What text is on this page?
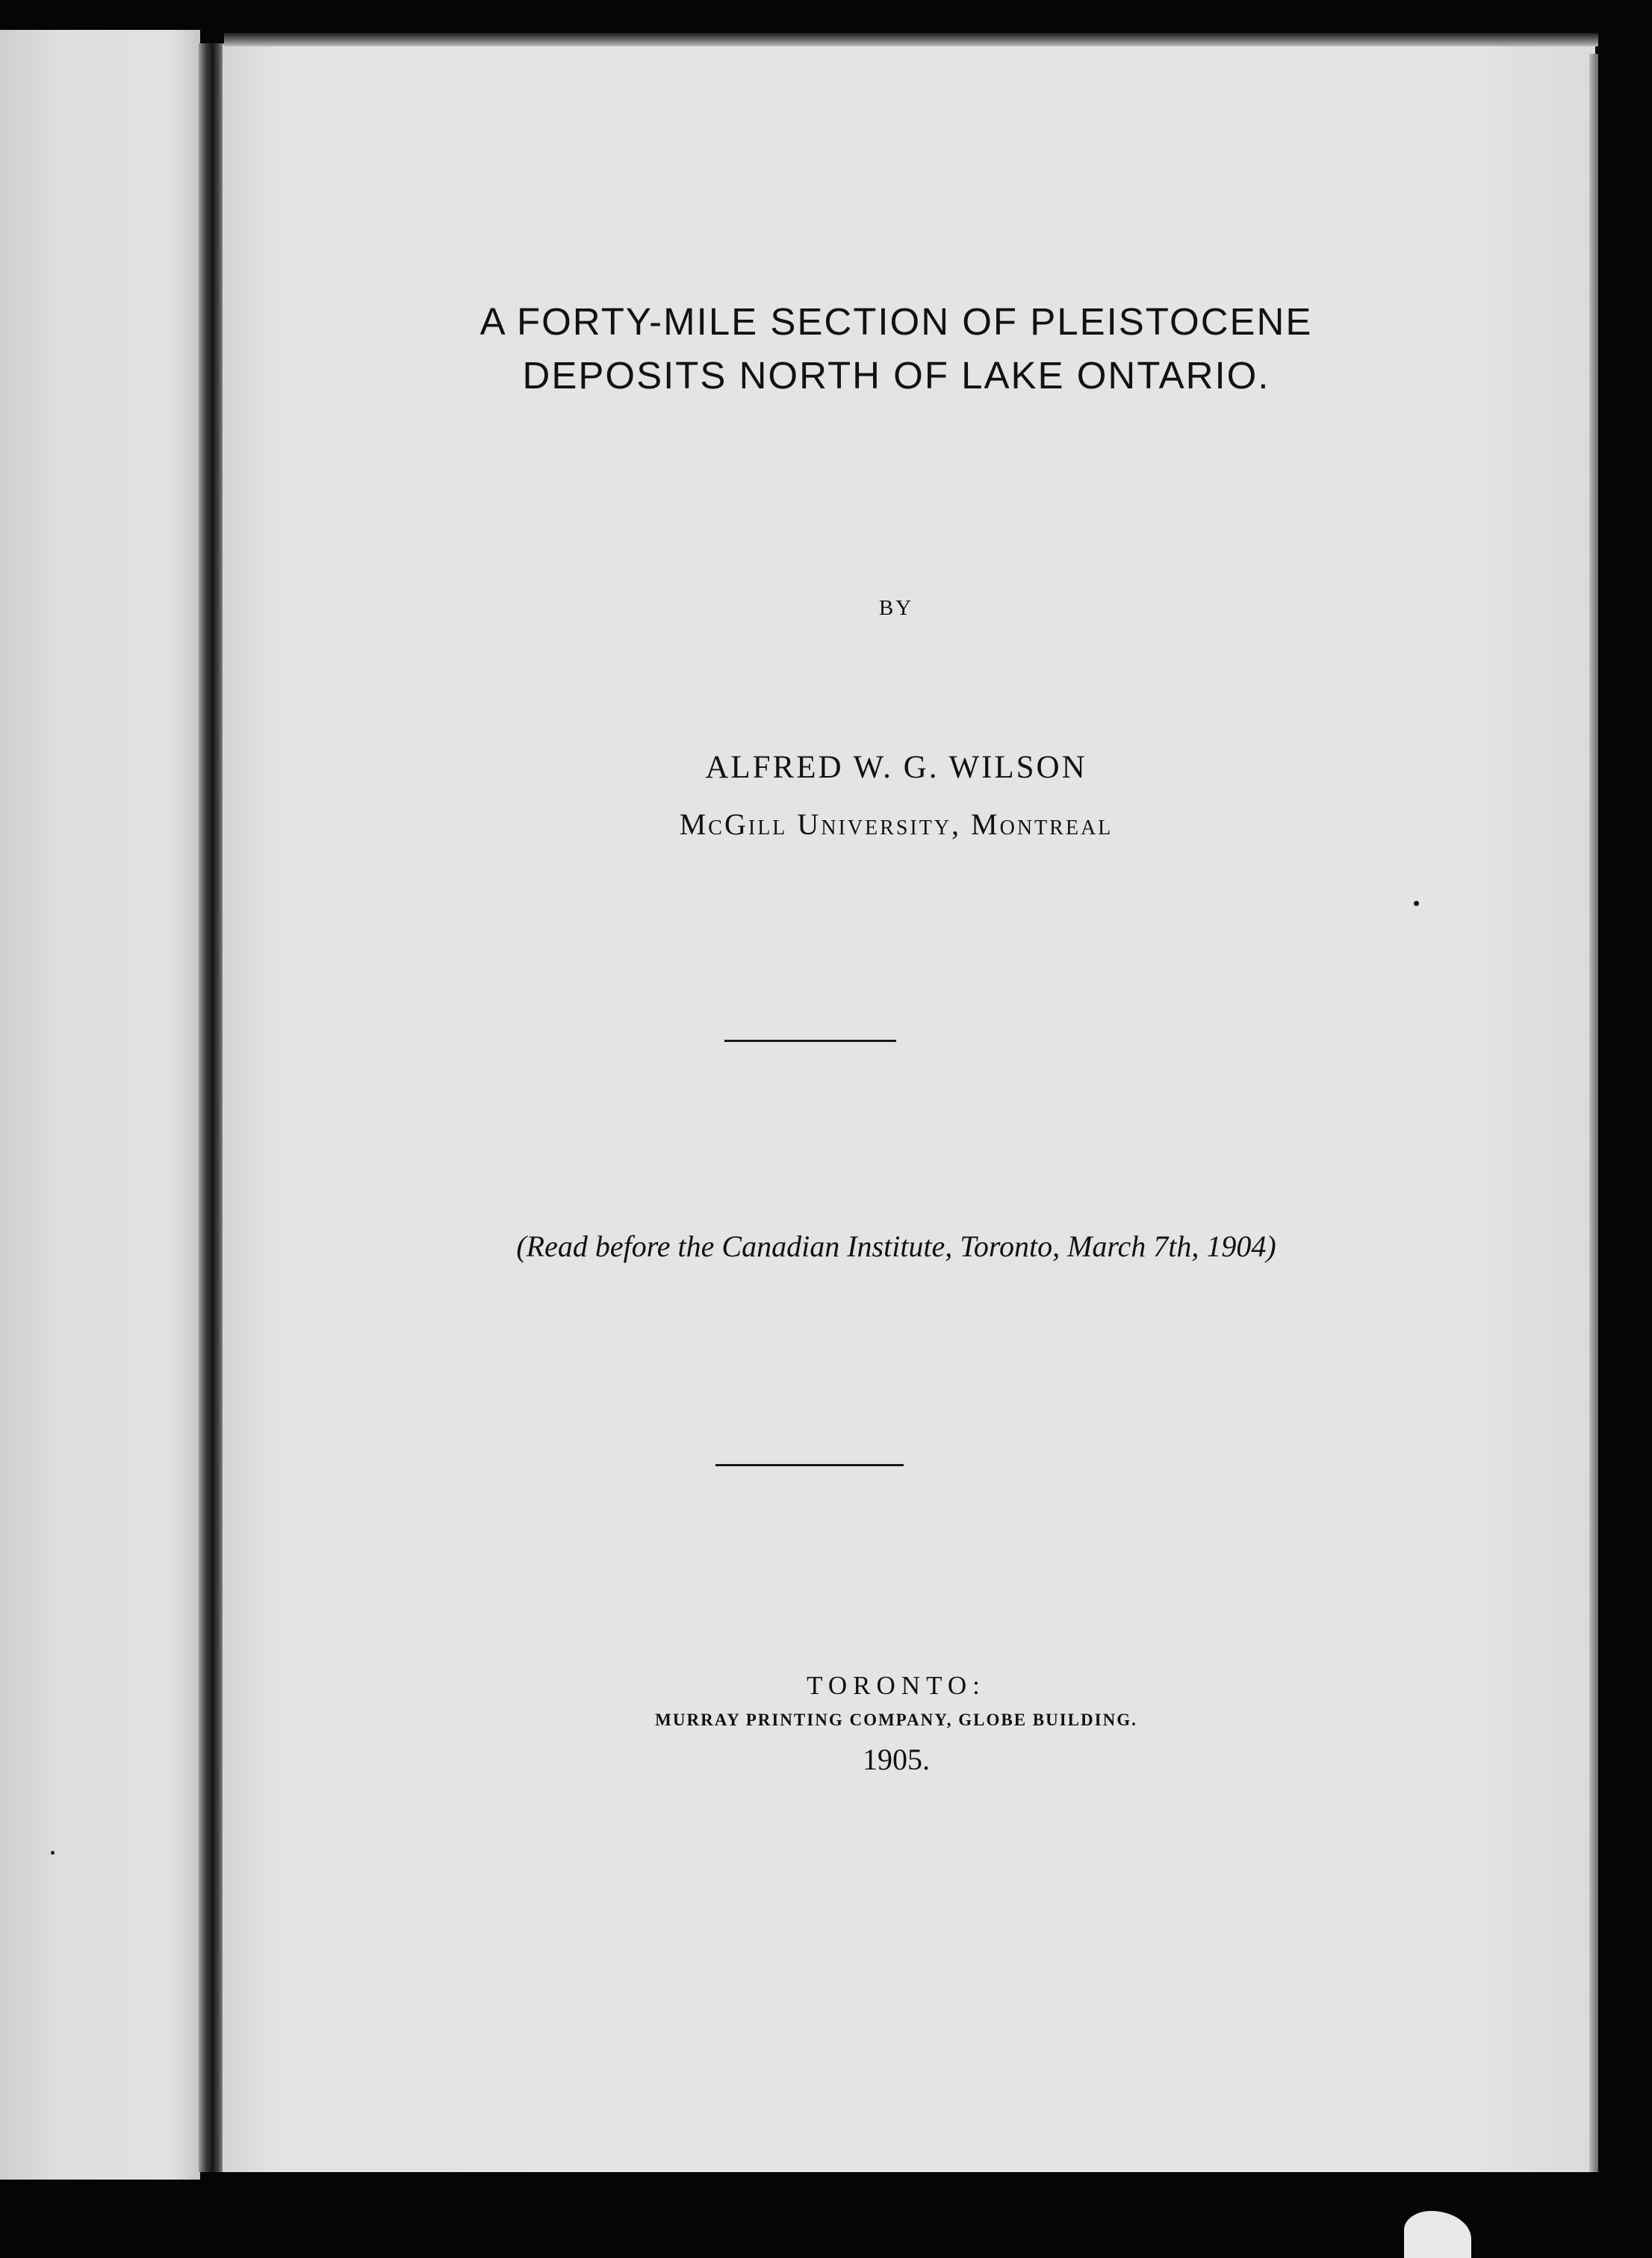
A FORTY-MILE SECTION OF PLEISTOCENE
DEPOSITS NORTH OF LAKE ONTARIO.
BY
ALFRED W. G. WILSON
McGill University, Montreal
(Read before the Canadian Institute, Toronto, March 7th, 1904)
TORONTO:
MURRAY PRINTING COMPANY, GLOBE BUILDING.
1905.
